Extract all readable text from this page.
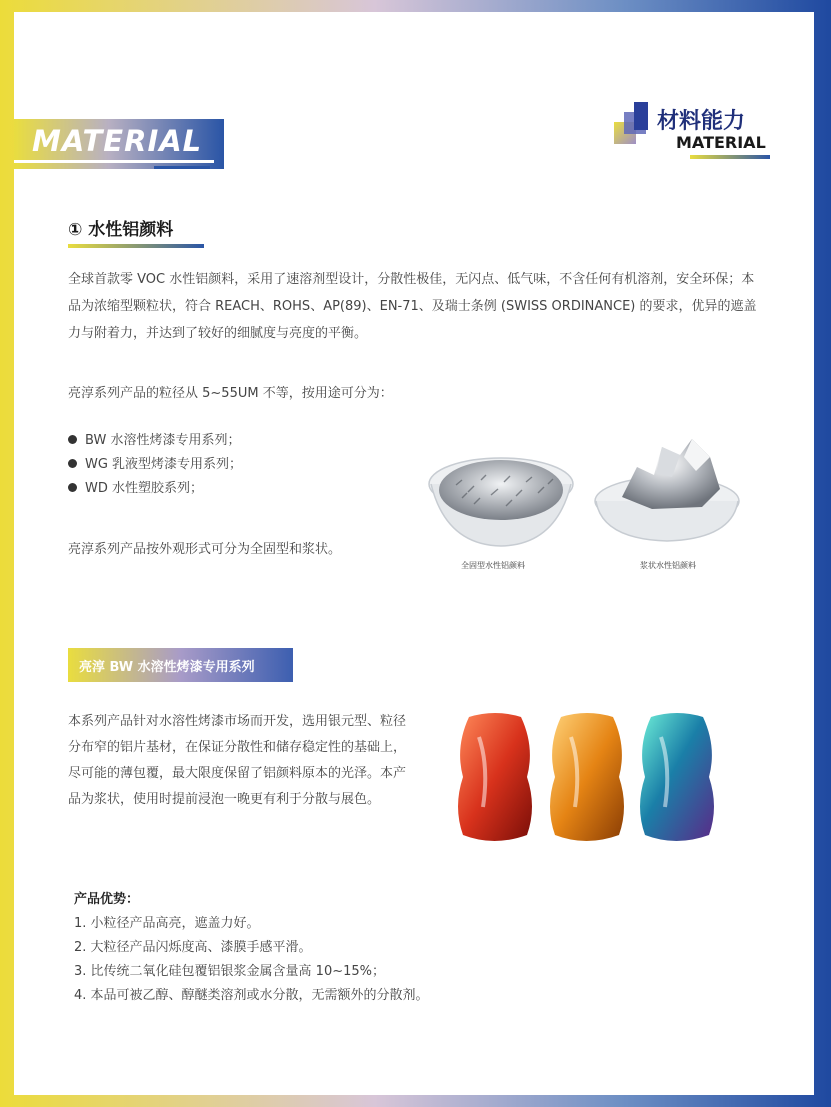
MATERIAL
材料能力
MATERIAL
① 水性铝颜料
全球首款零 VOC 水性铝颜料，采用了速溶剂型设计，分散性极佳，无闪点、低气味，不含任何有机溶剂，安全环保；本品为浓缩型颗粒状，符合 REACH、ROHS、AP(89)、EN-71、及瑞士条例 (SWISS ORDINANCE) 的要求，优异的遮盖力与附着力，并达到了较好的细腻度与亮度的平衡。
亮淳系列产品的粒径从 5~55UM 不等，按用途可分为：
BW 水溶性烤漆专用系列；
WG 乳液型烤漆专用系列；
WD 水性塑胶系列；
亮淳系列产品按外观形式可分为全固型和浆状。
全固型水性铝颜料	浆状水性铝颜料
亮淳 BW 水溶性烤漆专用系列
本系列产品针对水溶性烤漆市场而开发，选用银元型、粒径分布窄的铝片基材，在保证分散性和储存稳定性的基础上，尽可能的薄包覆，最大限度保留了铝颜料原本的光泽。本产品为浆状，使用时提前浸泡一晚更有利于分散与展色。
产品优势：
1. 小粒径产品高亮，遮盖力好。
2. 大粒径产品闪烁度高、漆膜手感平滑。
3. 比传统二氧化硅包覆铝银浆金属含量高 10~15%；
4. 本品可被乙醇、醇醚类溶剂或水分散，无需额外的分散剂。
